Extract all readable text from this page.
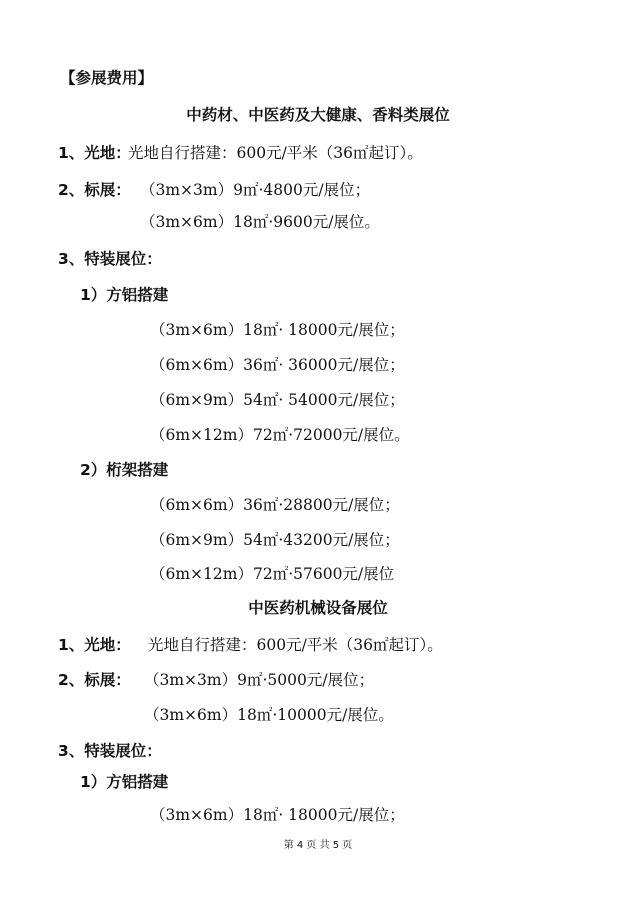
【参展费用】
中药材、中医药及大健康、香料类展位
1、光地：
光地自行搭建：600元/平米（36㎡起订）。
2、标展： （3m×3m）9㎡·4800元/展位；
（3m×6m）18㎡·9600元/展位。
3、特装展位：
1）方铝搭建
（3m×6m）18㎡· 18000元/展位；
（6m×6m）36㎡· 36000元/展位；
（6m×9m）54㎡· 54000元/展位；
（6m×12m）72㎡·72000元/展位。
2）桁架搭建
（6m×6m）36㎡·28800元/展位；
（6m×9m）54㎡·43200元/展位；
（6m×12m）72㎡·57600元/展位
中医药机械设备展位
1、光地： 光地自行搭建：600元/平米（36㎡起订）。
2、标展： （3m×3m）9㎡·5000元/展位；
（3m×6m）18㎡·10000元/展位。
3、特装展位：
1）方铝搭建
（3m×6m）18㎡· 18000元/展位；
第 4 页 共 5 页
